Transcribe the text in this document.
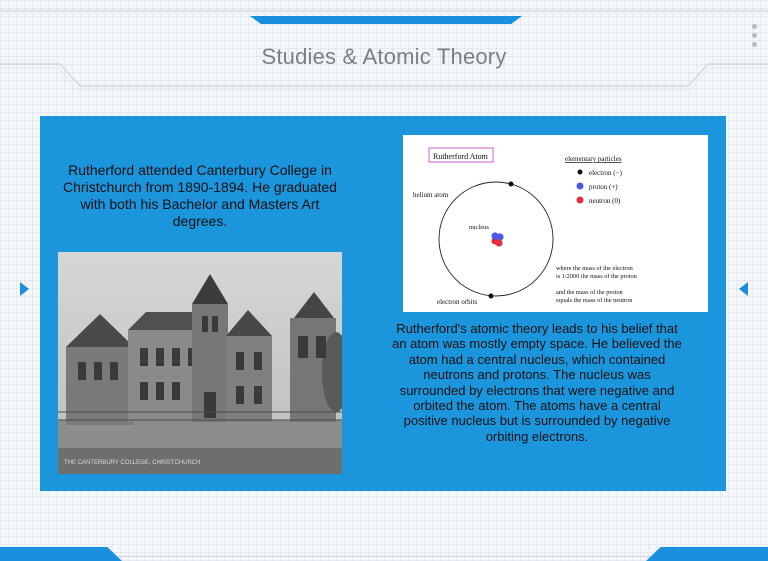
Studies & Atomic Theory
Rutherford attended Canterbury College in Christchurch from 1890-1894. He graduated with both his Bachelor and Masters Art degrees.
THE CANTERBURY COLLEGE, CHRISTCHURCH
Rutherford Atom	elementary particles
electron (−)
proton (+)
neutron (0)
helium atom
nucleus
electron orbits
where the mass of the electron
is 1/2000 the mass of the proton
and the mass of the proton
equals the mass of the neutron
Rutherford's atomic theory leads to his belief that an atom was mostly empty space. He believed the atom had a central nucleus, which contained neutrons and protons. The nucleus was surrounded by electrons that were negative and orbited the atom. The atoms have a central positive nucleus but is surrounded by negative orbiting electrons.
